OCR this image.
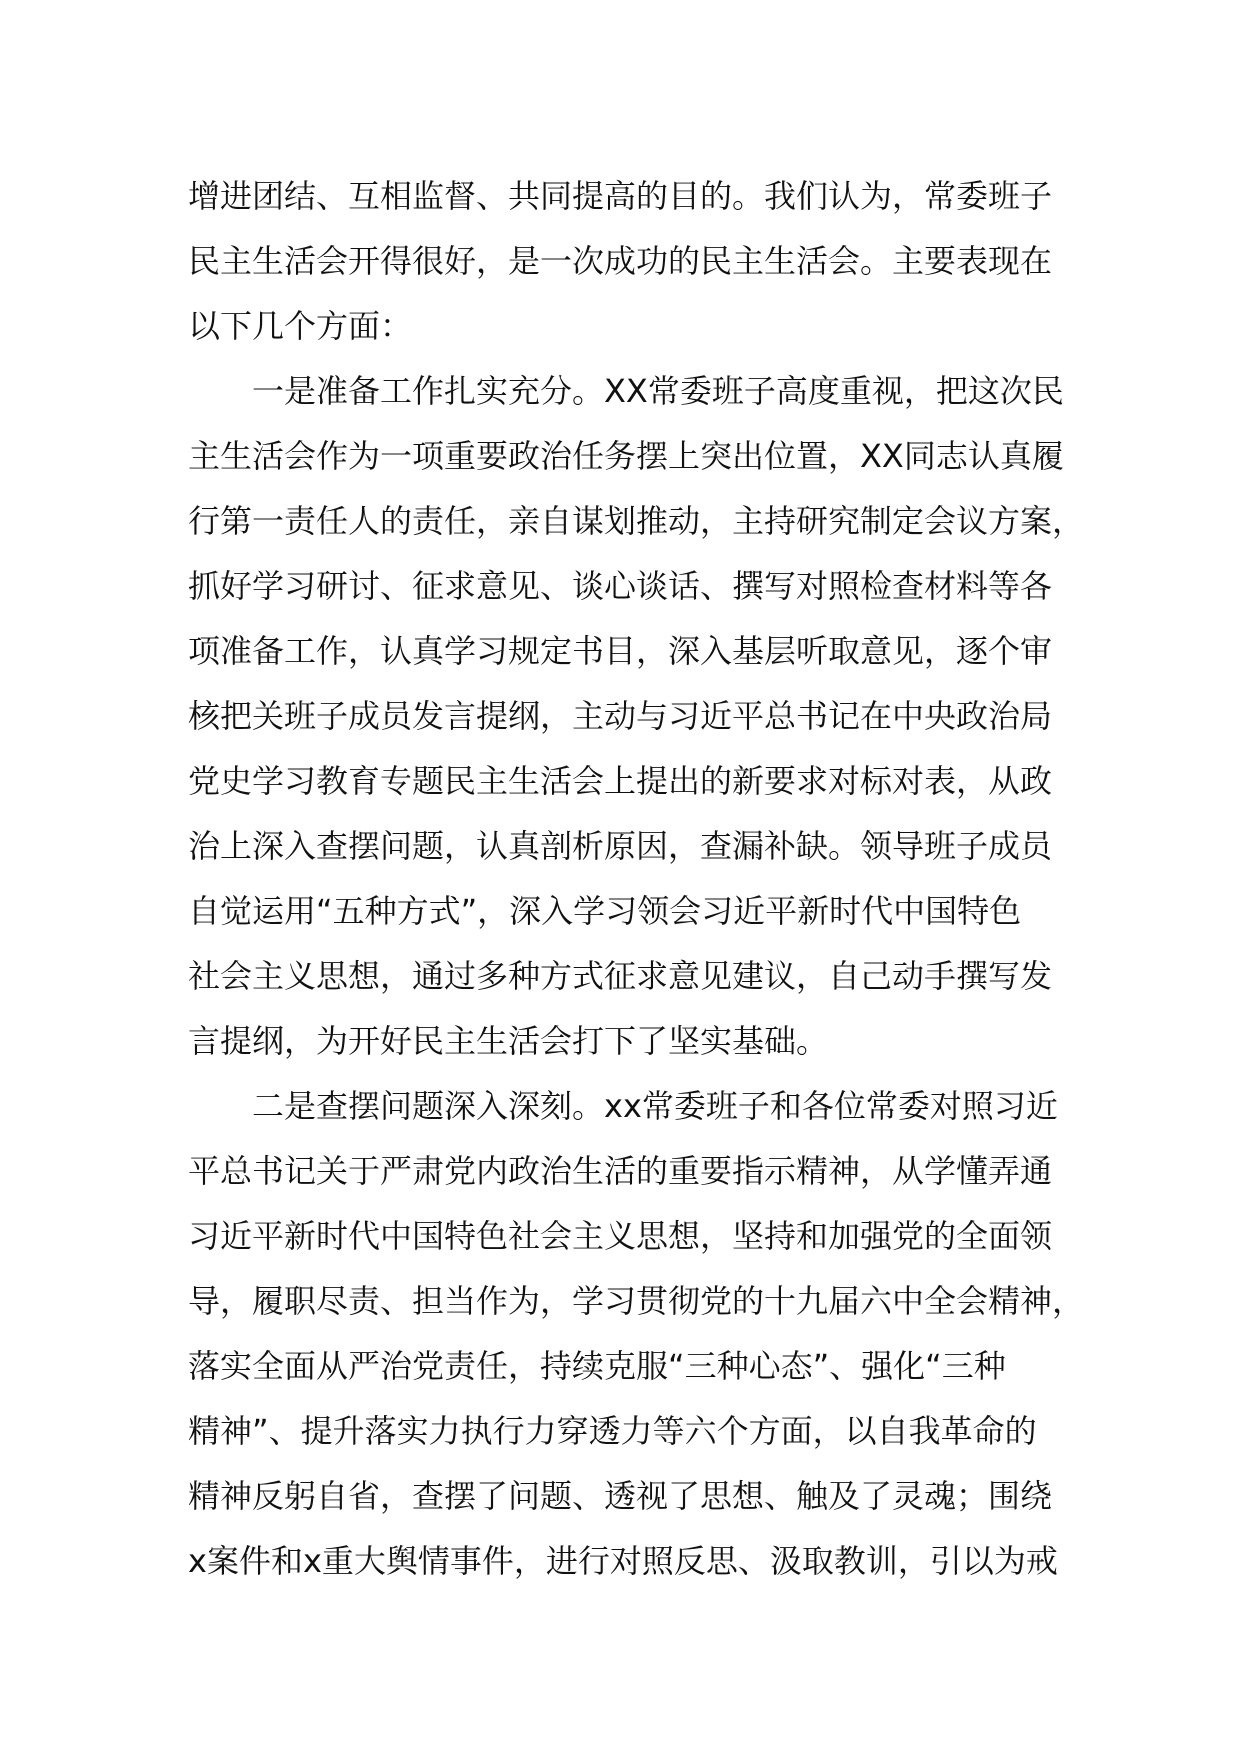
增进团结、互相监督、共同提高的目的。我们认为，常委班子
民主生活会开得很好，是一次成功的民主生活会。主要表现在
以下几个方面：
一是准备工作扎实充分。XX常委班子高度重视，把这次民
主生活会作为一项重要政治任务摆上突出位置，XX同志认真履
行第一责任人的责任，亲自谋划推动，主持研究制定会议方案，
抓好学习研讨、征求意见、谈心谈话、撰写对照检查材料等各
项准备工作，认真学习规定书目，深入基层听取意见，逐个审
核把关班子成员发言提纲，主动与习近平总书记在中央政治局
党史学习教育专题民主生活会上提出的新要求对标对表，从政
治上深入查摆问题，认真剖析原因，查漏补缺。领导班子成员
自觉运用“五种方式”，深入学习领会习近平新时代中国特色
社会主义思想，通过多种方式征求意见建议，自己动手撰写发
言提纲，为开好民主生活会打下了坚实基础。
二是查摆问题深入深刻。xx常委班子和各位常委对照习近
平总书记关于严肃党内政治生活的重要指示精神，从学懂弄通
习近平新时代中国特色社会主义思想，坚持和加强党的全面领
导，履职尽责、担当作为，学习贯彻党的十九届六中全会精神，
落实全面从严治党责任，持续克服“三种心态”、强化“三种
精神”、提升落实力执行力穿透力等六个方面，以自我革命的
精神反躬自省，查摆了问题、透视了思想、触及了灵魂；围绕
x案件和x重大舆情事件，进行对照反思、汲取教训，引以为戒
